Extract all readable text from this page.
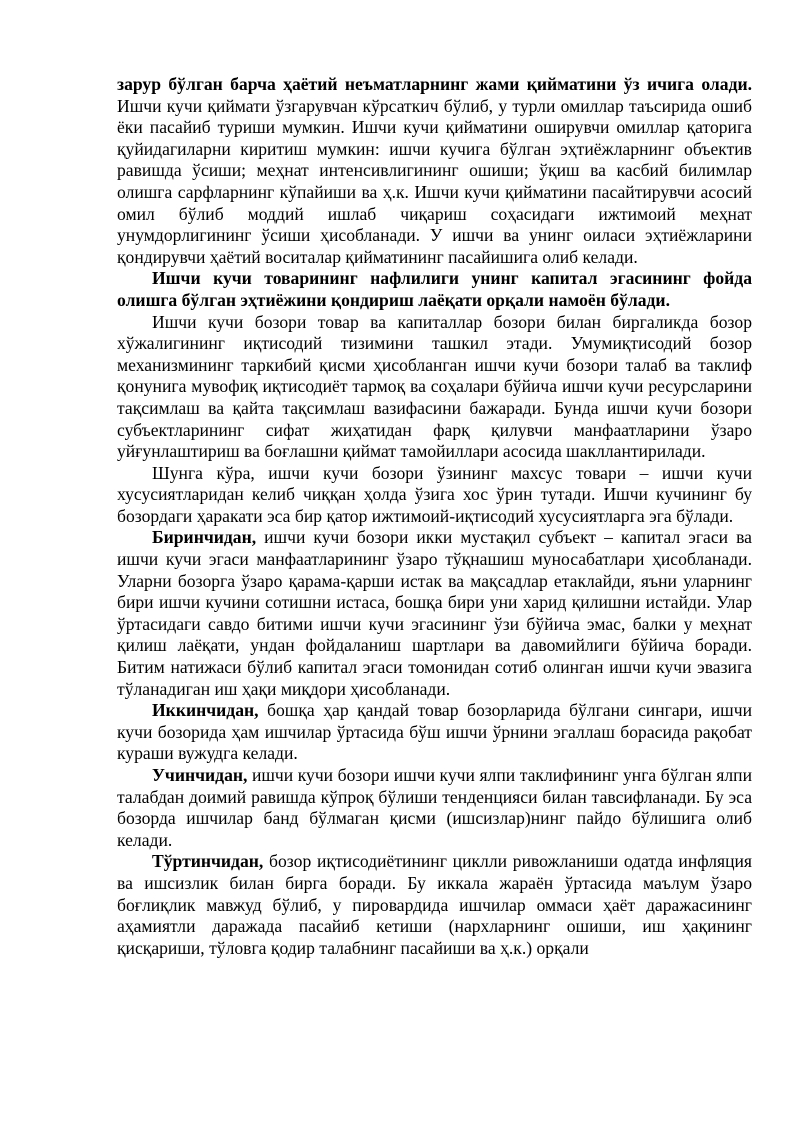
зарур бўлган барча ҳаётий неъматларнинг жами қийматини ўз ичига олади. Ишчи кучи қиймати ўзгарувчан кўрсаткич бўлиб, у турли омиллар таъсирида ошиб ёки пасайиб туриши мумкин. Ишчи кучи қийматини оширувчи омиллар қаторига қуйидагиларни киритиш мумкин: ишчи кучига бўлган эҳтиёжларнинг объектив равишда ўсиши; меҳнат интенсивлигининг ошиши; ўқиш ва касбий билимлар олишга сарфларнинг кўпайиши ва ҳ.к. Ишчи кучи қийматини пасайтирувчи асосий омил бўлиб моддий ишлаб чиқариш соҳасидаги ижтимоий меҳнат унумдорлигининг ўсиши ҳисобланади. У ишчи ва унинг оиласи эҳтиёжларини қондирувчи ҳаётий воситалар қийматининг пасайишига олиб келади.

Ишчи кучи товарининг нафлилиги унинг капитал эгасининг фойда олишга бўлган эҳтиёжини қондириш лаёқати орқали намоён бўлади.

Ишчи кучи бозори товар ва капиталлар бозори билан биргаликда бозор хўжалигининг иқтисодий тизимини ташкил этади. Умумиқтисодий бозор механизмининг таркибий қисми ҳисобланган ишчи кучи бозори талаб ва таклиф қонунига мувофиқ иқтисодиёт тармоқ ва соҳалари бўйича ишчи кучи ресурсларини тақсимлаш ва қайта тақсимлаш вазифасини бажаради. Бунда ишчи кучи бозори субъектларининг сифат жиҳатидан фарқ қилувчи манфаатларини ўзаро уйғунлаштириш ва боғлашни қиймат тамойиллари асосида шакллантирилади.

Шунга кўра, ишчи кучи бозори ўзининг махсус товари – ишчи кучи хусусиятларидан келиб чиққан ҳолда ўзига хос ўрин тутади. Ишчи кучининг бу бозордаги ҳаракати эса бир қатор ижтимоий-иқтисодий хусусиятларга эга бўлади.

Биринчидан, ишчи кучи бозори икки мустақил субъект – капитал эгаси ва ишчи кучи эгаси манфаатларининг ўзаро тўқнашиш муносабатлари ҳисобланади. Уларни бозорга ўзаро қарама-қарши истак ва мақсадлар етаклайди, яъни уларнинг бири ишчи кучини сотишни истаса, бошқа бири уни харид қилишни истайди. Улар ўртасидаги савдо битими ишчи кучи эгасининг ўзи бўйича эмас, балки у меҳнат қилиш лаёқати, ундан фойдаланиш шартлари ва давомийлиги бўйича боради. Битим натижаси бўлиб капитал эгаси томонидан сотиб олинган ишчи кучи эвазига тўланадиган иш ҳақи миқдори ҳисобланади.

Иккинчидан, бошқа ҳар қандай товар бозорларида бўлгани сингари, ишчи кучи бозорида ҳам ишчилар ўртасида бўш ишчи ўрнини эгаллаш борасида рақобат кураши вужудга келади.

Учинчидан, ишчи кучи бозори ишчи кучи ялпи таклифининг унга бўлган ялпи талабдан доимий равишда кўпроқ бўлиши тенденцияси билан тавсифланади. Бу эса бозорда ишчилар банд бўлмаган қисми (ишсизлар)нинг пайдо бўлишига олиб келади.

Тўртинчидан, бозор иқтисодиётининг циклли ривожланиши одатда инфляция ва ишсизлик билан бирга боради. Бу иккала жараён ўртасида маълум ўзаро боғлиқлик мавжуд бўлиб, у пировардида ишчилар оммаси ҳаёт даражасининг аҳамиятли даражада пасайиб кетиши (нархларнинг ошиши, иш ҳақининг қисқариши, тўловга қодир талабнинг пасайиши ва ҳ.к.) орқали
